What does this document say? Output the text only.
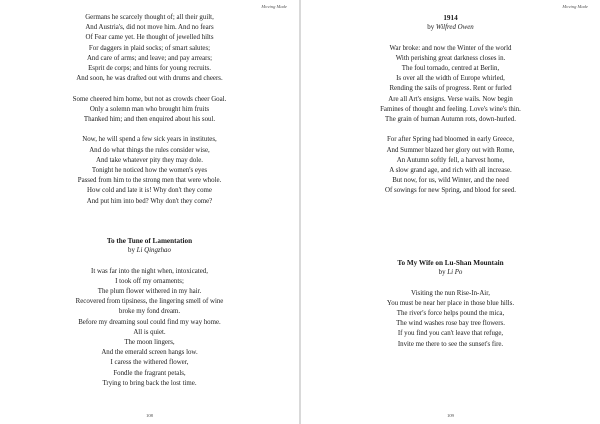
Moving Made
Germans he scarcely thought of; all their guilt,
And Austria's, did not move him. And no fears
Of Fear came yet. He thought of jewelled hilts
For daggers in plaid socks; of smart salutes;
And care of arms; and leave; and pay arrears;
Esprit de corps; and hints for young recruits.
And soon, he was drafted out with drums and cheers.
Some cheered him home, but not as crowds cheer Goal.
Only a solemn man who brought him fruits
Thanked him; and then enquired about his soul.
Now, he will spend a few sick years in institutes,
And do what things the rules consider wise,
And take whatever pity they may dole.
Tonight he noticed how the women's eyes
Passed from him to the strong men that were whole.
How cold and late it is! Why don't they come
And put him into bed? Why don't they come?
To the Tune of Lamentation
by Li Qingzhao
It was far into the night when, intoxicated,
I took off my ornaments;
The plum flower withered in my hair.
Recovered from tipsiness, the lingering smell of wine
broke my fond dream.
Before my dreaming soul could find my way home.
All is quiet.
The moon lingers,
And the emerald screen hangs low.
I caress the withered flower,
Fondle the fragrant petals,
Trying to bring back the lost time.
108
Moving Made
1914
by Wilfred Owen
War broke: and now the Winter of the world
With perishing great darkness closes in.
The foul tornado, centred at Berlin,
Is over all the width of Europe whirled,
Rending the sails of progress. Rent or furled
Are all Art's ensigns. Verse wails. Now begin
Famines of thought and feeling. Love's wine's thin.
The grain of human Autumn rots, down-hurled.
For after Spring had bloomed in early Greece,
And Summer blazed her glory out with Rome,
An Autumn softly fell, a harvest home,
A slow grand age, and rich with all increase.
But now, for us, wild Winter, and the need
Of sowings for new Spring, and blood for seed.
To My Wife on Lu-Shan Mountain
by Li Po
Visiting the nun Rise-In-Air,
You must be near her place in those blue hills.
The river's force helps pound the mica,
The wind washes rose bay tree flowers.
If you find you can't leave that refuge,
Invite me there to see the sunset's fire.
109
